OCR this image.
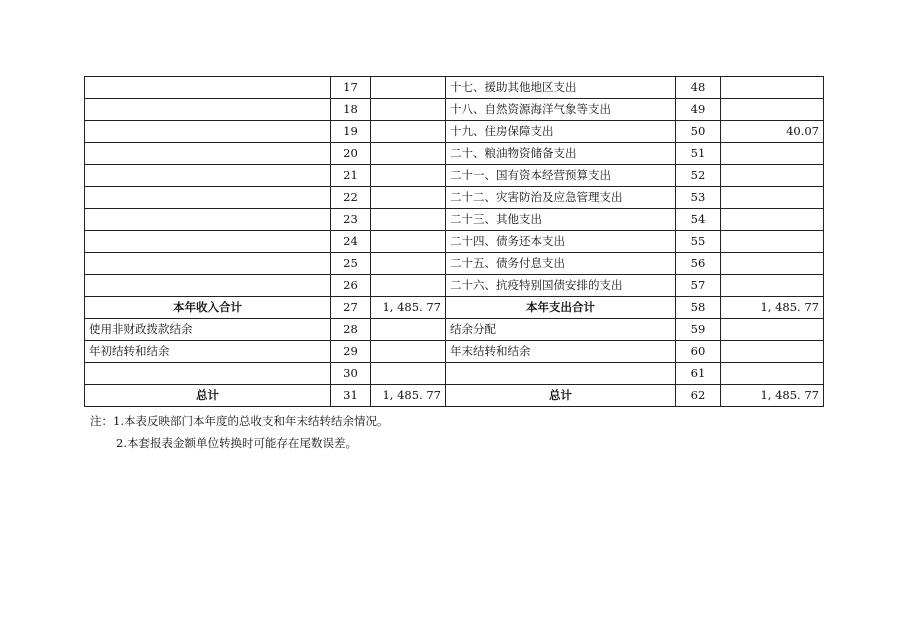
	17		十七、援助其他地区支出	48	
	18		十八、自然资源海洋气象等支出	49	
	19		十九、住房保障支出	50	40.07
	20		二十、粮油物资储备支出	51	
	21		二十一、国有资本经营预算支出	52	
	22		二十二、灾害防治及应急管理支出	53	
	23		二十三、其他支出	54	
	24		二十四、债务还本支出	55	
	25		二十五、债务付息支出	56	
	26		二十六、抗疫特别国债安排的支出	57	
本年收入合计	27	1, 485. 77	本年支出合计	58	1, 485. 77
使用非财政拨款结余	28		结余分配	59	
年初结转和结余	29		年末结转和结余	60	
	30			61	
总计	31	1, 485. 77	总计	62	1, 485. 77
注：1.本表反映部门本年度的总收支和年末结转结余情况。
2.本套报表金额单位转换时可能存在尾数误差。
